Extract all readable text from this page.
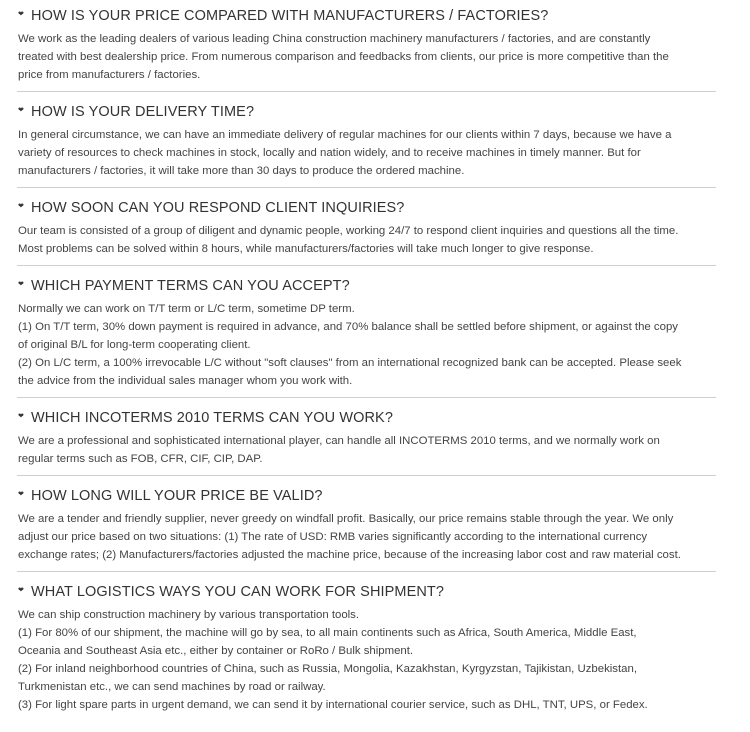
❤ HOW IS YOUR PRICE COMPARED WITH MANUFACTURERS / FACTORIES?

We work as the leading dealers of various leading China construction machinery manufacturers / factories, and are constantly

treated with best dealership price. From numerous comparison and feedbacks from clients, our price is more competitive than the

price from manufacturers / factories.

❤ HOW IS YOUR DELIVERY TIME?

In general circumstance, we can have an immediate delivery of regular machines for our clients within 7 days, because we have a

variety of resources to check machines in stock, locally and nation widely, and to receive machines in timely manner. But for

manufacturers / factories, it will take more than 30 days to produce the ordered machine.

❤ HOW SOON CAN YOU RESPOND CLIENT INQUIRIES?

Our team is consisted of a group of diligent and dynamic people, working 24/7 to respond client inquiries and questions all the time.

Most problems can be solved within 8 hours, while manufacturers/factories will take much longer to give response.

❤ WHICH PAYMENT TERMS CAN YOU ACCEPT?

Normally we can work on T/T term or L/C term, sometime DP term.

(1) On T/T term, 30% down payment is required in advance, and 70% balance shall be settled before shipment, or against the copy

of original B/L for long-term cooperating client.

(2) On L/C term, a 100% irrevocable L/C without "soft clauses" from an international recognized bank can be accepted. Please seek

the advice from the individual sales manager whom you work with.

❤ WHICH INCOTERMS 2010 TERMS CAN YOU WORK?

We are a professional and sophisticated international player, can handle all INCOTERMS 2010 terms, and we normally work on

regular terms such as FOB, CFR, CIF, CIP, DAP.

❤ HOW LONG WILL YOUR PRICE BE VALID?

We are a tender and friendly supplier, never greedy on windfall profit. Basically, our price remains stable through the year. We only

adjust our price based on two situations: (1) The rate of USD: RMB varies significantly according to the international currency

exchange rates; (2) Manufacturers/factories adjusted the machine price, because of the increasing labor cost and raw material cost.

❤ WHAT LOGISTICS WAYS YOU CAN WORK FOR SHIPMENT?

We can ship construction machinery by various transportation tools.

(1) For 80% of our shipment, the machine will go by sea, to all main continents such as Africa, South America, Middle East,

Oceania and Southeast Asia etc., either by container or RoRo / Bulk shipment.

(2) For inland neighborhood countries of China, such as Russia, Mongolia, Kazakhstan, Kyrgyzstan, Tajikistan, Uzbekistan,

Turkmenistan etc., we can send machines by road or railway.

(3) For light spare parts in urgent demand, we can send it by international courier service, such as DHL, TNT, UPS, or Fedex.
